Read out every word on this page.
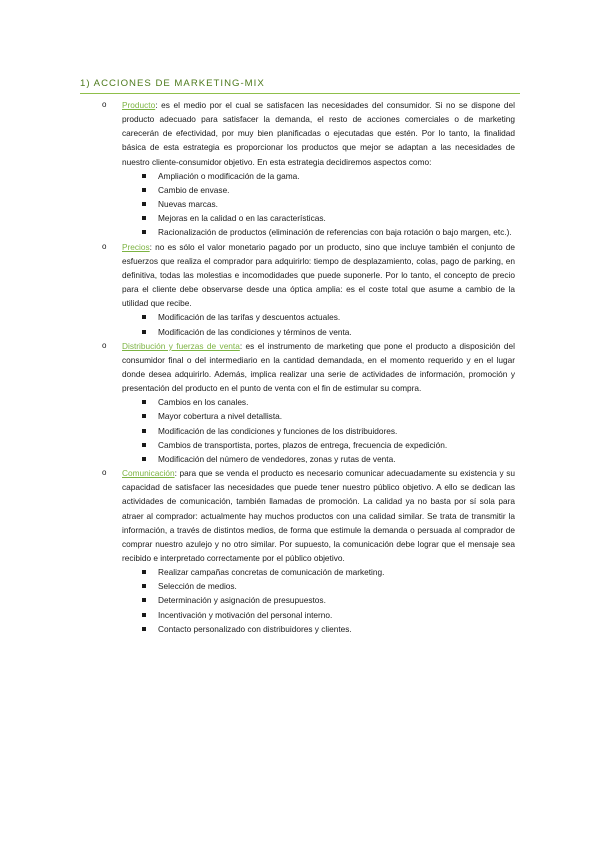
1) ACCIONES DE MARKETING-MIX
o Producto: es el medio por el cual se satisfacen las necesidades del consumidor. Si no se dispone del producto adecuado para satisfacer la demanda, el resto de acciones comerciales o de marketing carecerán de efectividad, por muy bien planificadas o ejecutadas que estén. Por lo tanto, la finalidad básica de esta estrategia es proporcionar los productos que mejor se adaptan a las necesidades de nuestro cliente-consumidor objetivo. En esta estrategia decidiremos aspectos como:
Ampliación o modificación de la gama.
Cambio de envase.
Nuevas marcas.
Mejoras en la calidad o en las características.
Racionalización de productos (eliminación de referencias con baja rotación o bajo margen, etc.).
o Precios: no es sólo el valor monetario pagado por un producto, sino que incluye también el conjunto de esfuerzos que realiza el comprador para adquirirlo: tiempo de desplazamiento, colas, pago de parking, en definitiva, todas las molestias e incomodidades que puede suponerle. Por lo tanto, el concepto de precio para el cliente debe observarse desde una óptica amplia: es el coste total que asume a cambio de la utilidad que recibe.
Modificación de las tarifas y descuentos actuales.
Modificación de las condiciones y términos de venta.
o Distribución y fuerzas de venta: es el instrumento de marketing que pone el producto a disposición del consumidor final o del intermediario en la cantidad demandada, en el momento requerido y en el lugar donde desea adquirirlo. Además, implica realizar una serie de actividades de información, promoción y presentación del producto en el punto de venta con el fin de estimular su compra.
Cambios en los canales.
Mayor cobertura a nivel detallista.
Modificación de las condiciones y funciones de los distribuidores.
Cambios de transportista, portes, plazos de entrega, frecuencia de expedición.
Modificación del número de vendedores, zonas y rutas de venta.
o Comunicación: para que se venda el producto es necesario comunicar adecuadamente su existencia y su capacidad de satisfacer las necesidades que puede tener nuestro público objetivo. A ello se dedican las actividades de comunicación, también llamadas de promoción. La calidad ya no basta por sí sola para atraer al comprador: actualmente hay muchos productos con una calidad similar. Se trata de transmitir la información, a través de distintos medios, de forma que estimule la demanda o persuada al comprador de comprar nuestro azulejo y no otro similar. Por supuesto, la comunicación debe lograr que el mensaje sea recibido e interpretado correctamente por el público objetivo.
Realizar campañas concretas de comunicación de marketing.
Selección de medios.
Determinación y asignación de presupuestos.
Incentivación y motivación del personal interno.
Contacto personalizado con distribuidores y clientes.
